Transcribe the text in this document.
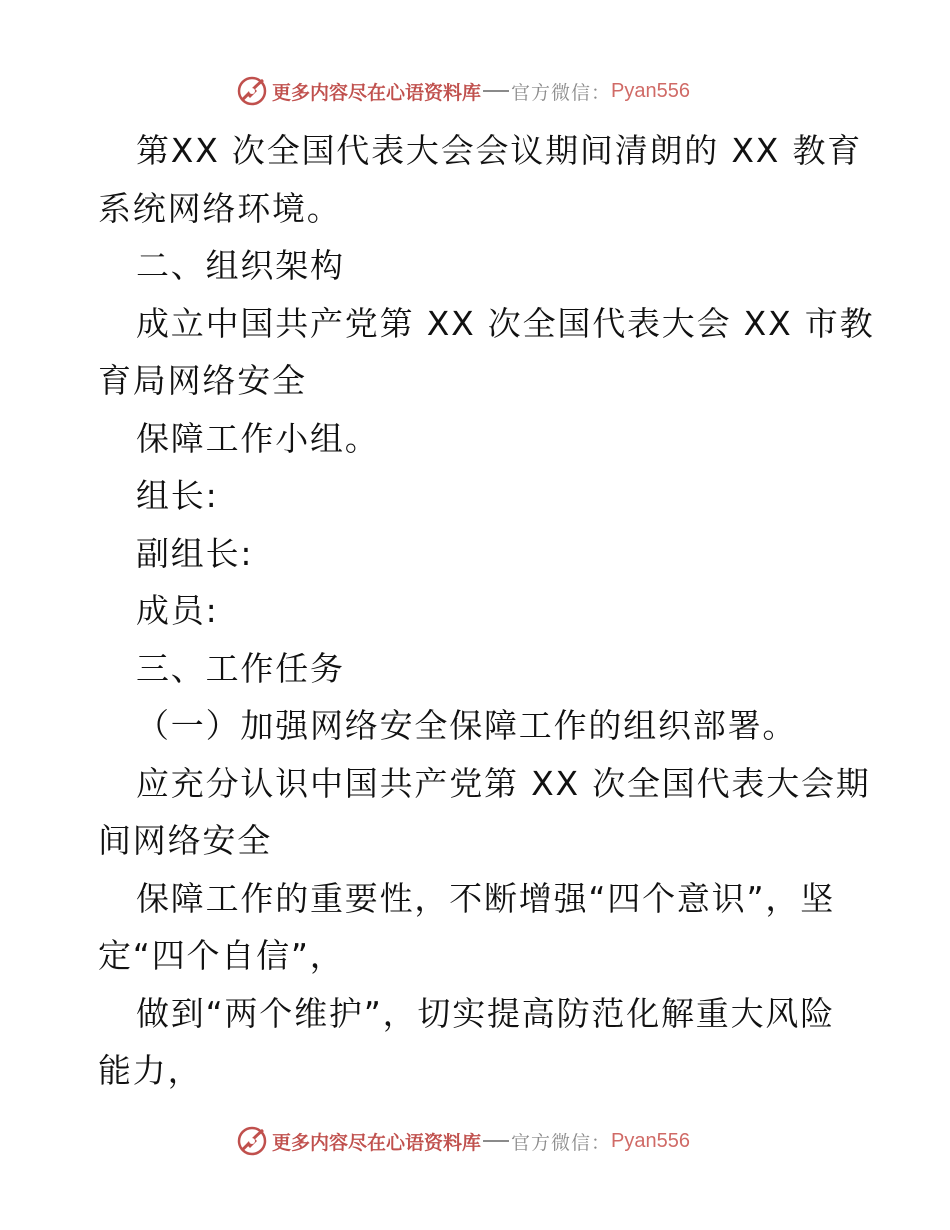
更多内容尽在心语资料库 官方微信： Pyan556

第XX 次全国代表大会会议期间清朗的 XX 教育

系统网络环境。

二、组织架构

成立中国共产党第 XX 次全国代表大会 XX 市教

育局网络安全

保障工作小组。

组长:

副组长:

成员:

三、工作任务

（一）加强网络安全保障工作的组织部署。

应充分认识中国共产党第 XX 次全国代表大会期

间网络安全

保障工作的重要性，不断增强“四个意识”，坚

定“四个自信”，

做到“两个维护”，切实提高防范化解重大风险

能力，

更多内容尽在心语资料库 官方微信： Pyan556
